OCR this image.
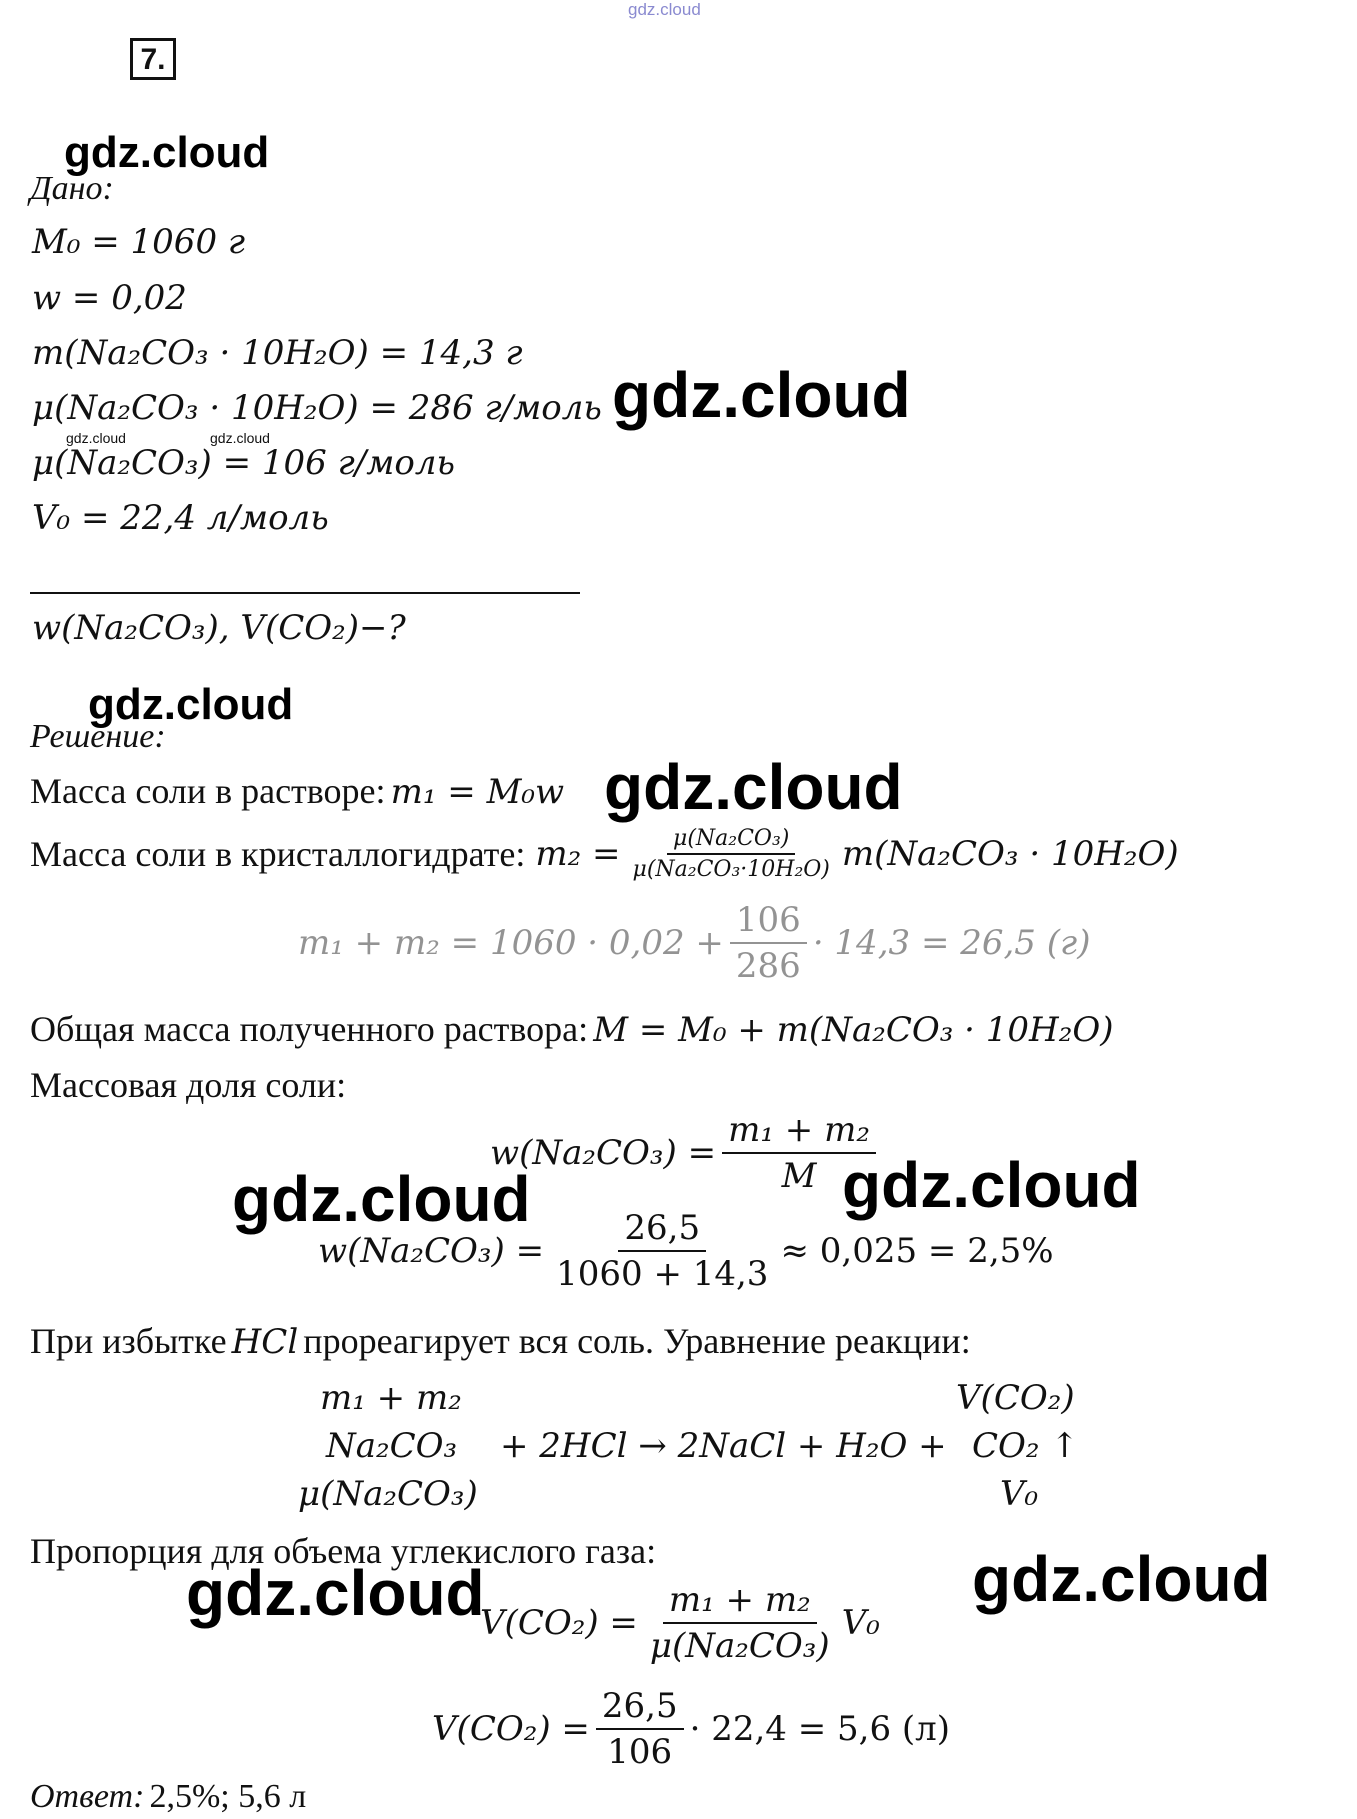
gdz.cloud
7.
gdz.cloud
gdz.cloud
gdz.cloud	gdz.cloud
gdz.cloud
gdz.cloud
gdz.cloud	gdz.cloud
gdz.cloud	gdz.cloud
Дано:
M₀ = 1060 г
w = 0,02
m(Na₂CO₃ · 10H₂O) = 14,3 г
μ(Na₂CO₃ · 10H₂O) = 286 г/моль
μ(Na₂CO₃) = 106 г/моль
V₀ = 22,4 л/моль
w(Na₂CO₃), V(CO₂)−?
Решение:
Масса соли в растворе: m₁ = M₀w
Масса соли в кристаллогидрате: $m_2 = \frac{\text{μ(Na₂CO₃)}}{\text{μ(Na₂CO₃·10H₂O)}} m(Na_2CO_3 \cdot 10H_2O)$
$m_1 + m_2 = 1060 \cdot 0,02 + \frac{106}{286} \cdot 14,3 = 26,5$ (г)
Общая масса полученного раствора: M = M₀ + m(Na₂CO₃ · 10H₂O)
Массовая доля соли:
$w(Na_2CO_3) = \frac{\text{m₁ + m₂}}{M}$
$w(Na_2CO_3) = \frac{26,5}{1060 + 14,3} \approx 0,025 = 2,5\%$
При избытке HCl прореагирует вся соль. Уравнение реакции:
m₁ + m₂
Na₂CO₃
μ(Na₂CO₃)
+ 2HCl → 2NaCl + H₂O +
V(CO₂)
CO₂ ↑
V₀
Пропорция для объема углекислого газа:
$V(CO_2) = \frac{\text{m₁ + m₂}}{\text{μ(Na₂CO₃)}} V_0$
$V(CO_2) = \frac{26,5}{106} \cdot 22,4 = 5,6$ (л)
Ответ: 2,5%; 5,6 л
